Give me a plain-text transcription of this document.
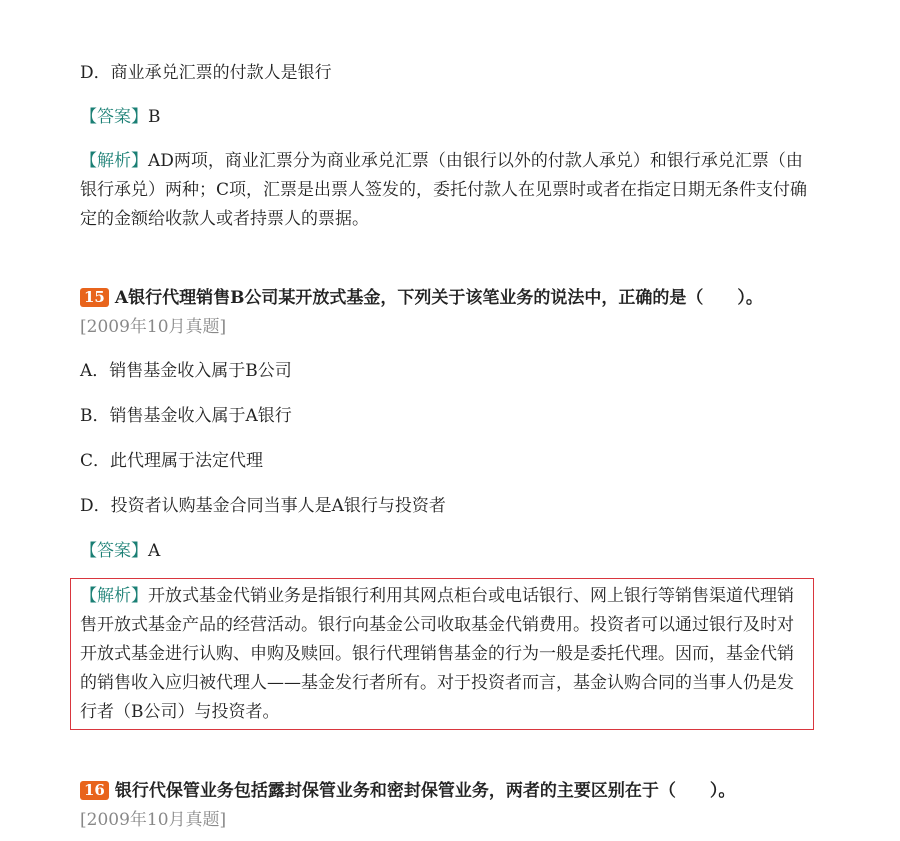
D．商业承兑汇票的付款人是银行
【答案】B
【解析】AD两项，商业汇票分为商业承兑汇票（由银行以外的付款人承兑）和银行承兑汇票（由银行承兑）两种；C项，汇票是出票人签发的，委托付款人在见票时或者在指定日期无条件支付确定的金额给收款人或者持票人的票据。
15 A银行代理销售B公司某开放式基金，下列关于该笔业务的说法中，正确的是（　　）。
[2009年10月真题]
A．销售基金收入属于B公司
B．销售基金收入属于A银行
C．此代理属于法定代理
D．投资者认购基金合同当事人是A银行与投资者
【答案】A
【解析】开放式基金代销业务是指银行利用其网点柜台或电话银行、网上银行等销售渠道代理销售开放式基金产品的经营活动。银行向基金公司收取基金代销费用。投资者可以通过银行及时对开放式基金进行认购、申购及赎回。银行代理销售基金的行为一般是委托代理。因而，基金代销的销售收入应归被代理人——基金发行者所有。对于投资者而言，基金认购合同的当事人仍是发行者（B公司）与投资者。
16 银行代保管业务包括露封保管业务和密封保管业务，两者的主要区别在于（　　）。
[2009年10月真题]
